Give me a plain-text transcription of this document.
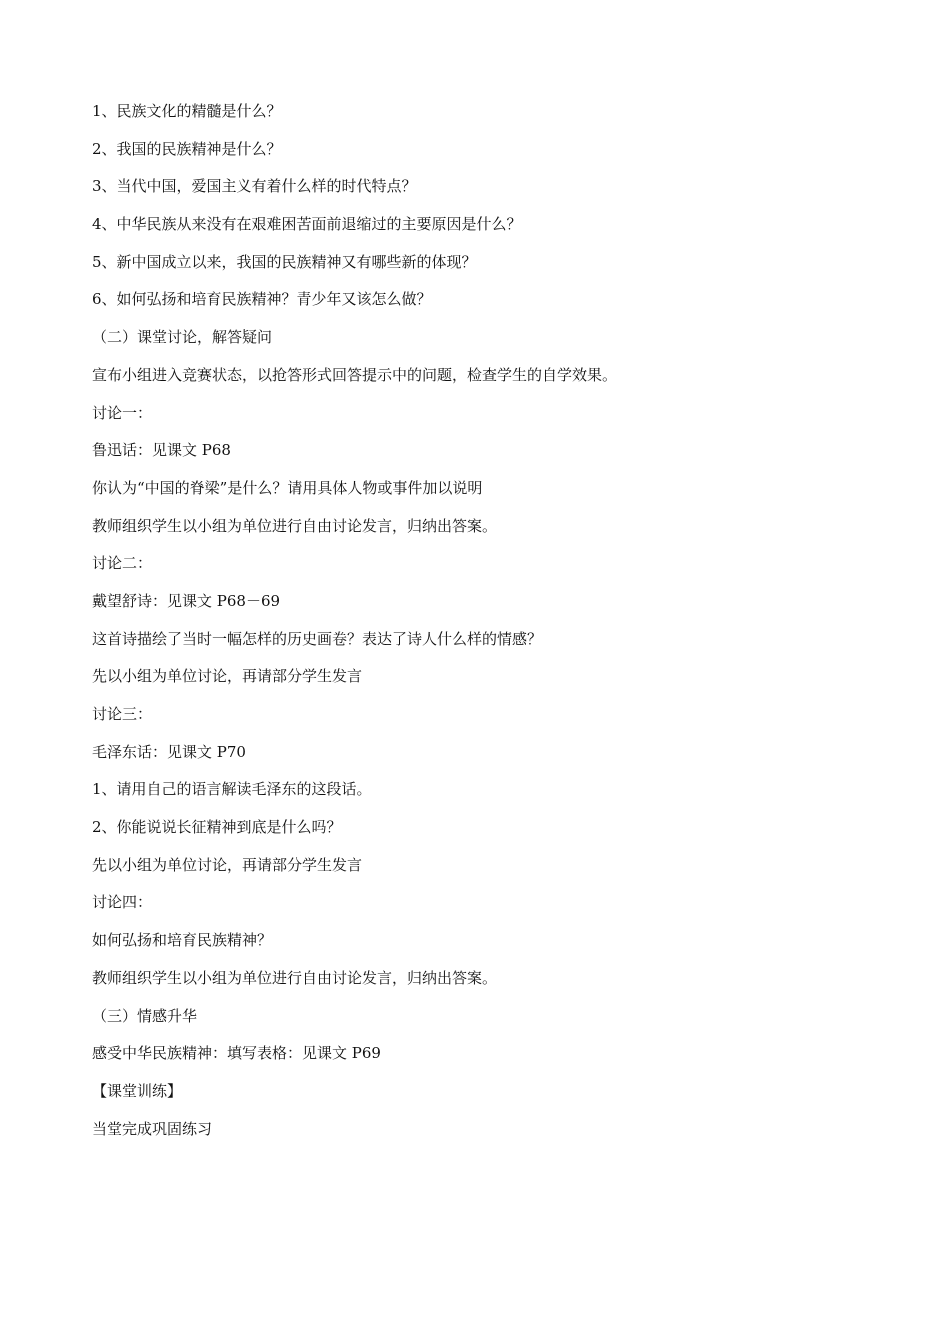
1、民族文化的精髓是什么？

2、我国的民族精神是什么？

3、当代中国，爱国主义有着什么样的时代特点？

4、中华民族从来没有在艰难困苦面前退缩过的主要原因是什么？

5、新中国成立以来，我国的民族精神又有哪些新的体现？

6、如何弘扬和培育民族精神？青少年又该怎么做？

（二）课堂讨论，解答疑问

宣布小组进入竞赛状态，以抢答形式回答提示中的问题，检查学生的自学效果。

讨论一：

鲁迅话：见课文 P68

你认为“中国的脊梁”是什么？请用具体人物或事件加以说明

教师组织学生以小组为单位进行自由讨论发言，归纳出答案。

讨论二：

戴望舒诗：见课文 P68－69

这首诗描绘了当时一幅怎样的历史画卷？表达了诗人什么样的情感？

先以小组为单位讨论，再请部分学生发言

讨论三：

毛泽东话：见课文 P70

1、请用自己的语言解读毛泽东的这段话。

2、你能说说长征精神到底是什么吗？

先以小组为单位讨论，再请部分学生发言

讨论四：

如何弘扬和培育民族精神？

教师组织学生以小组为单位进行自由讨论发言，归纳出答案。

（三）情感升华

感受中华民族精神：填写表格：见课文 P69

【课堂训练】

当堂完成巩固练习
